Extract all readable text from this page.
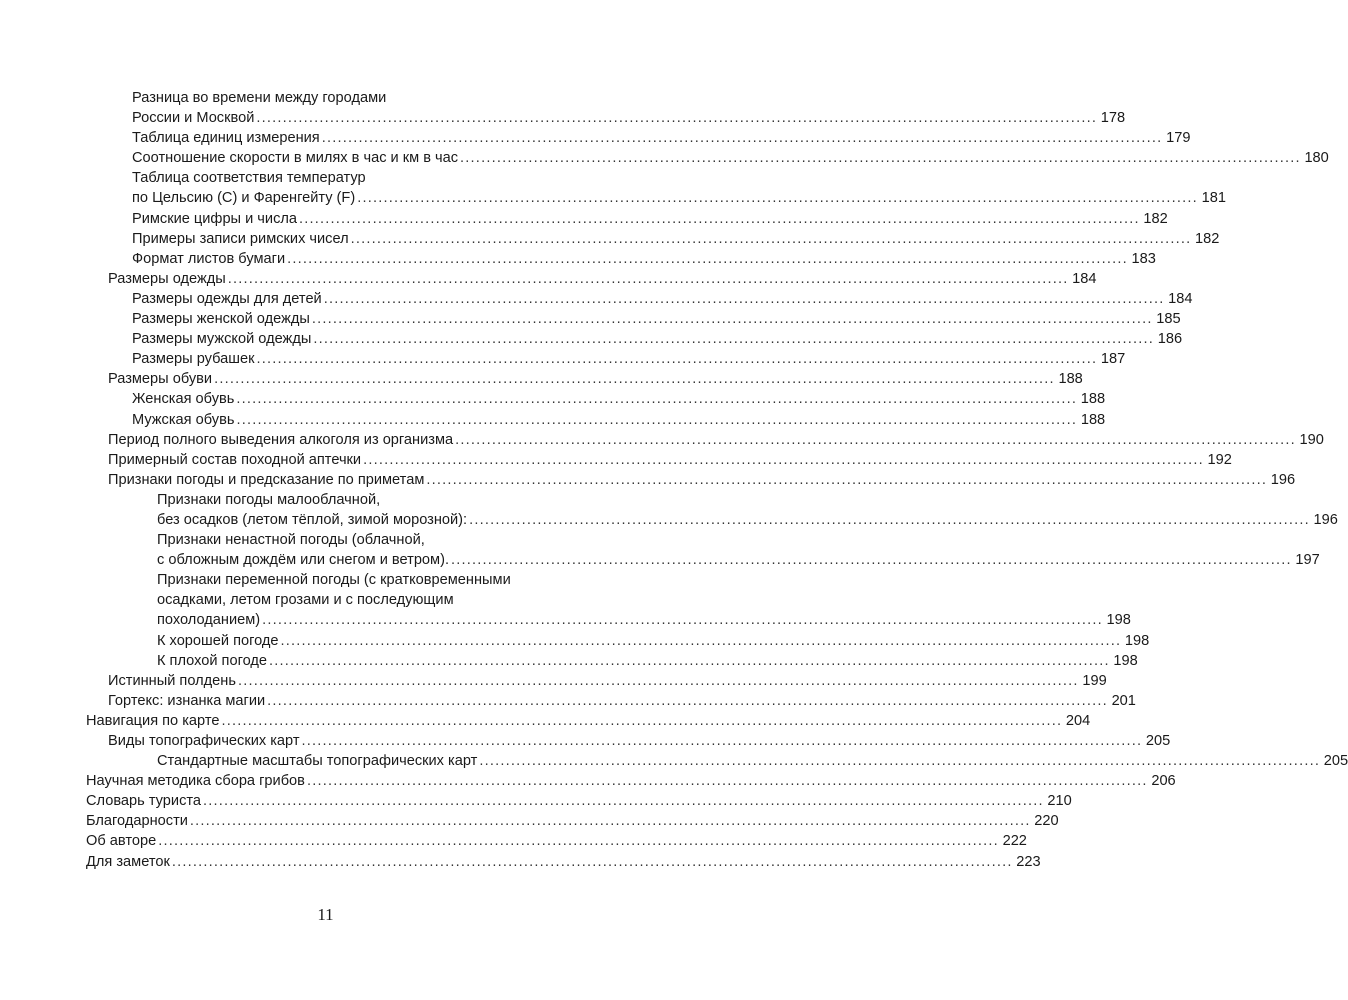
Разница во времени между городами
России и Москвой ................................................................................................................................................................ 178
Таблица единиц измерения ................................................................................................................................................................ 179
Соотношение скорости в милях в час и км в час ................................................................................................................................................................ 180
Таблица соответствия температур
по Цельсию (C) и Фаренгейту (F) ................................................................................................................................................................ 181
Римские цифры и числа ................................................................................................................................................................ 182
Примеры записи римских чисел ................................................................................................................................................................ 182
Формат листов бумаги ................................................................................................................................................................ 183
Размеры одежды ................................................................................................................................................................ 184
Размеры одежды для детей ................................................................................................................................................................ 184
Размеры женской одежды ................................................................................................................................................................ 185
Размеры мужской одежды ................................................................................................................................................................ 186
Размеры рубашек ................................................................................................................................................................ 187
Размеры обуви ................................................................................................................................................................ 188
Женская обувь ................................................................................................................................................................ 188
Мужская обувь ................................................................................................................................................................ 188
Период полного выведения алкоголя из организма ................................................................................................................................................................ 190
Примерный состав походной аптечки ................................................................................................................................................................ 192
Признаки погоды и предсказание по приметам ................................................................................................................................................................ 196
Признаки погоды малооблачной,
без осадков (летом тёплой, зимой морозной): ................................................................................................................................................................ 196
Признаки ненастной погоды (облачной,
с обложным дождём или снегом и ветром). ................................................................................................................................................................ 197
Признаки переменной погоды (с кратковременными
осадками, летом грозами и с последующим
похолоданием) ................................................................................................................................................................ 198
К хорошей погоде ................................................................................................................................................................ 198
К плохой погоде ................................................................................................................................................................ 198
Истинный полдень ................................................................................................................................................................ 199
Гортекс: изнанка магии ................................................................................................................................................................ 201
Навигация по карте ................................................................................................................................................................ 204
Виды топографических карт ................................................................................................................................................................ 205
Стандартные масштабы топографических карт ................................................................................................................................................................ 205
Научная методика сбора грибов ................................................................................................................................................................ 206
Словарь туриста ................................................................................................................................................................ 210
Благодарности ................................................................................................................................................................ 220
Об авторе ................................................................................................................................................................ 222
Для заметок ................................................................................................................................................................ 223
11
